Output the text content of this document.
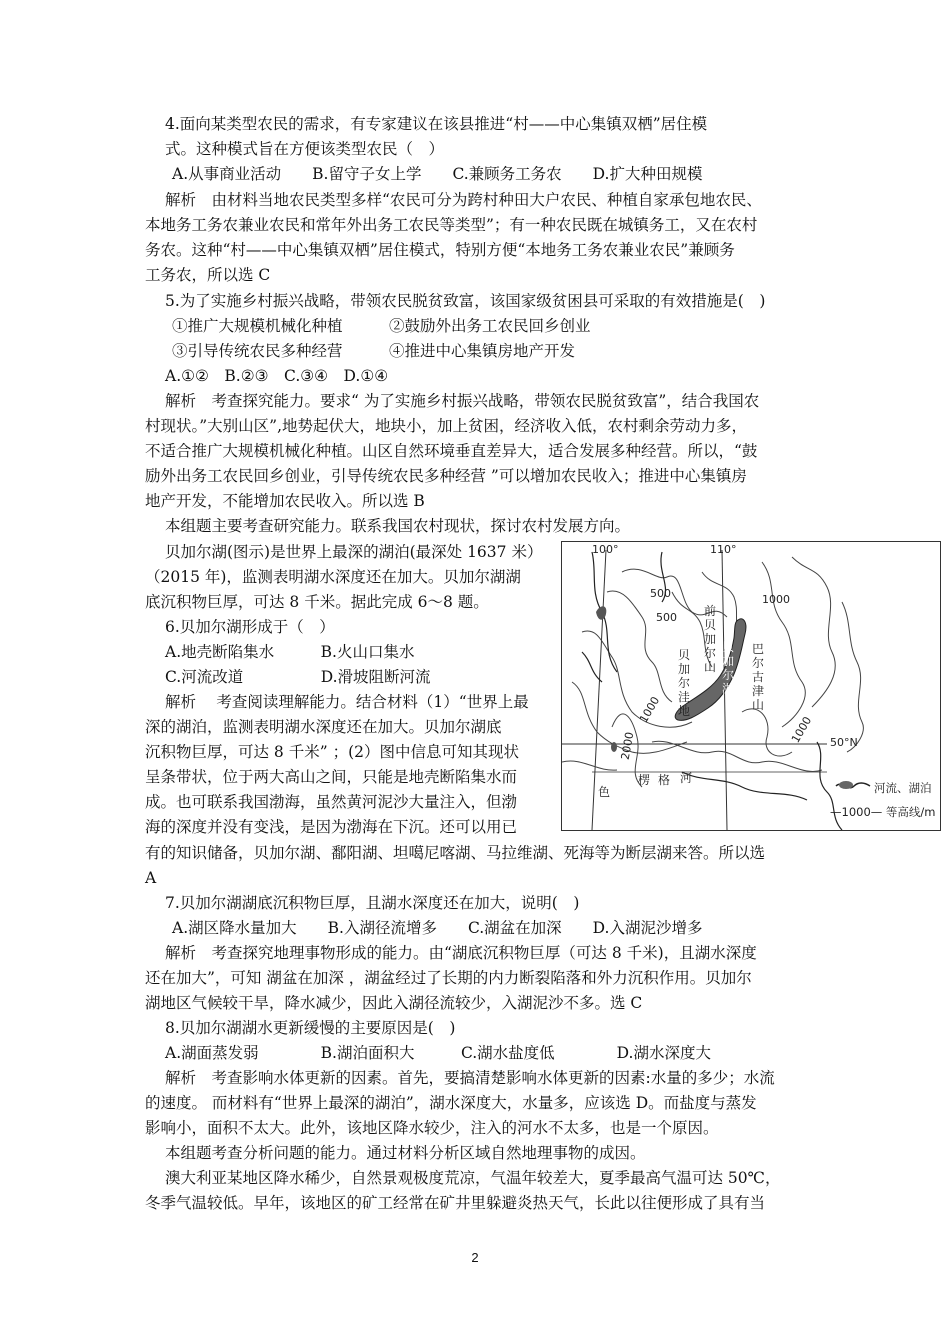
4.面向某类型农民的需求，有专家建议在该县推进“村——中心集镇双栖”居住模
式。这种模式旨在方便该类型农民（　）
A.从事商业活动　　B.留守子女上学　　C.兼顾务工务农　　D.扩大种田规模
解析　由材料当地农民类型多样“农民可分为跨村种田大户农民、种植自家承包地农民、
本地务工务农兼业农民和常年外出务工农民等类型”；有一种农民既在城镇务工，又在农村
务农。这种“村——中心集镇双栖”居住模式，特别方便“本地务工务农兼业农民”兼顾务
工务农，所以选 C
5.为了实施乡村振兴战略，带领农民脱贫致富，该国家级贫困县可采取的有效措施是(　)
①推广大规模机械化种植　　　②鼓励外出务工农民回乡创业
③引导传统农民多种经营　　　④推进中心集镇房地产开发
A.①②　B.②③　C.③④　D.①④
解析　考查探究能力。要求“ 为了实施乡村振兴战略，带领农民脱贫致富”，结合我国农
村现状。”大别山区”,地势起伏大，地块小，加上贫困，经济收入低，农村剩余劳动力多，
不适合推广大规模机械化种植。山区自然环境垂直差异大，适合发展多种经营。所以，“鼓
励外出务工农民回乡创业，引导传统农民多种经营 ”可以增加农民收入；推进中心集镇房
地产开发，不能增加农民收入。所以选 B
本组题主要考查研究能力。联系我国农村现状，探讨农村发展方向。
贝加尔湖(图示)是世界上最深的湖泊(最深处 1637 米）
（2015 年)，监测表明湖水深度还在加大。贝加尔湖湖
底沉积物巨厚，可达 8 千米。据此完成 6～8 题。
6.贝加尔湖形成于（　）
A.地壳断陷集水　　　B.火山口集水
C.河流改道　　　　　D.滑坡阻断河流
解析　 考查阅读理解能力。结合材料（1）“世界上最
深的湖泊，监测表明湖水深度还在加大。贝加尔湖底
沉积物巨厚，可达 8 千米” ；(2）图中信息可知其现状
呈条带状，位于两大高山之间，只能是地壳断陷集水而
成。也可联系我国渤海，虽然黄河泥沙大量注入，但渤
海的深度并没有变浅，是因为渤海在下沉。还可以用已
有的知识储备，贝加尔湖、鄱阳湖、坦噶尼喀湖、马拉维湖、死海等为断层湖来答。所以选
A
7.贝加尔湖湖底沉积物巨厚，且湖水深度还在加大，说明(　)
A.湖区降水量加大　　B.入湖径流增多　　C.湖盆在加深　　D.入湖泥沙增多
解析　考查探究地理事物形成的能力。由“湖底沉积物巨厚（可达 8 千米)，且湖水深度
还在加大”，可知 湖盆在加深 ，湖盆经过了长期的内力断裂陷落和外力沉积作用。贝加尔
湖地区气候较干旱，降水减少，因此入湖径流较少，入湖泥沙不多。选 C
8.贝加尔湖湖水更新缓慢的主要原因是(　)
A.湖面蒸发弱　　　　B.湖泊面积大　　　C.湖水盐度低　　　　D.湖水深度大
解析　考查影响水体更新的因素。首先，要搞清楚影响水体更新的因素:水量的多少；水流
的速度。 而材料有“世界上最深的湖泊”，湖水深度大，水量多，应该选 D。而盐度与蒸发
影响小，面积不太大。此外，该地区降水较少，注入的河水不太多，也是一个原因。
本组题考查分析问题的能力。通过材料分析区域自然地理事物的成因。
澳大利亚某地区降水稀少，自然景观极度荒凉，气温年较差大，夏季最高气温可达 50℃，
冬季气温较低。早年，该地区的矿工经常在矿井里躲避炎热天气，长此以往便形成了具有当
100°	110°
50°N
500
500
1000
1000
1000
2000
前
贝
加
尔
山
贝
加
尔
洼
地
贝
加
尔
湖
巴
尔
古
津
山
色
楞 格 河
河流、湖泊
—1000— 等高线/m
2
